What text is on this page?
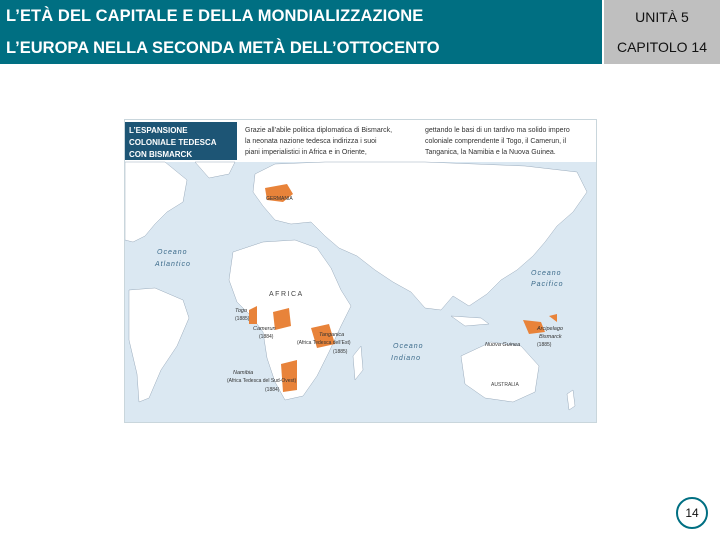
L’ETÀ DEL CAPITALE E DELLA MONDIALIZZAZIONE
L’EUROPA NELLA SECONDA METÀ DELL’OTTOCENTO
UNITÀ 5
CAPITOLO 14
L’ESPANSIONE
COLONIALE TEDESCA
CON BISMARCK
Grazie all’abile politica diplomatica di Bismarck,
la neonata nazione tedesca indirizza i suoi
piani imperialistici in Africa e in Oriente,
gettando le basi di un tardivo ma solido impero
coloniale comprendente il Togo, il Camerun, il
Tanganica, la Namibia e la Nuova Guinea.
GERMANIA
Oceano
Atlantico
Oceano
Pacifico
Oceano
Indiano
AFRICA
AUSTRALIA
Togo
(1885)
Camerun
(1884)	Tanganica
(Africa Tedesca dell’Est)
(1885)
Namibia
(Africa Tedesca del Sud-Ovest)
(1884)
Arcipelago
Bismarck
Nuova Guinea	(1885)
14
